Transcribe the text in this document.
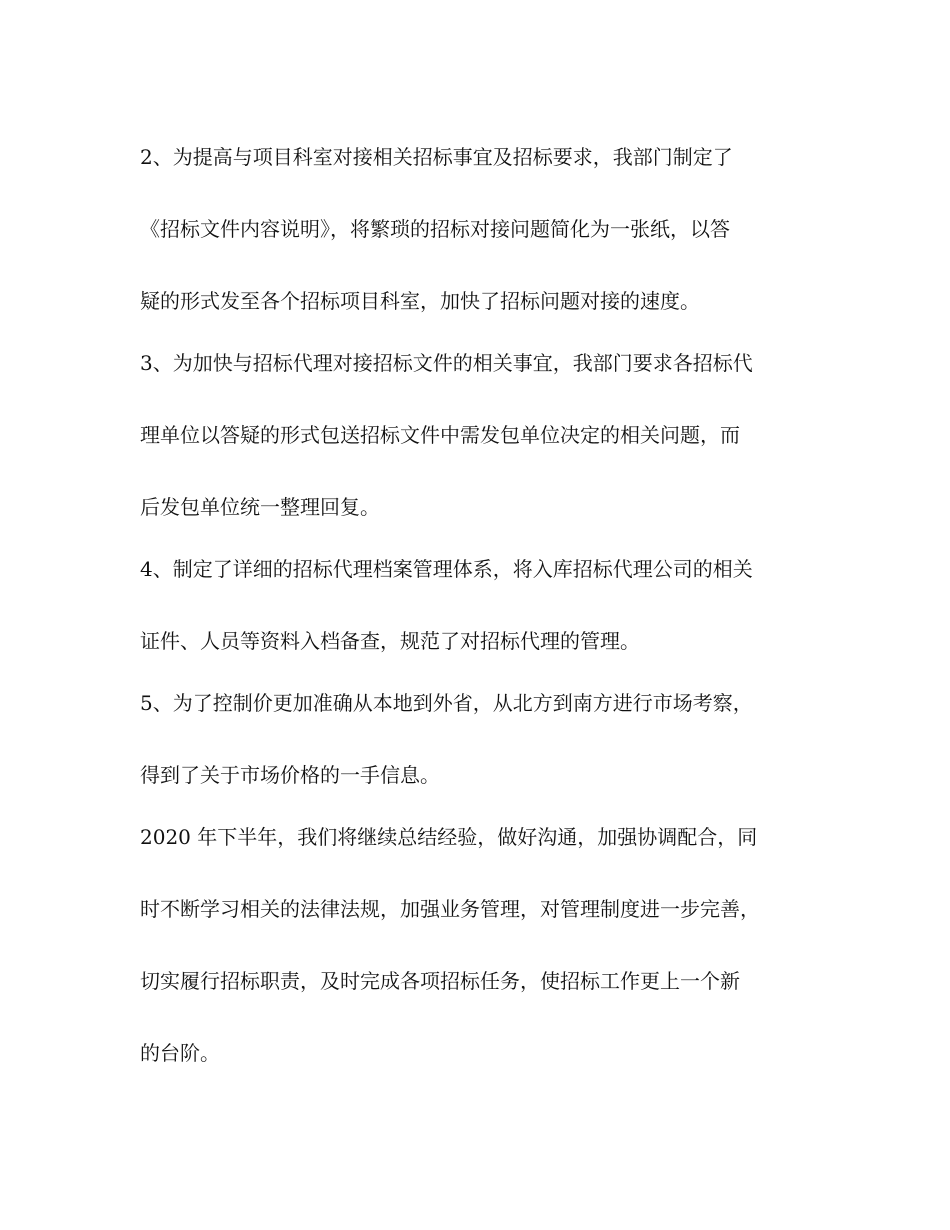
2、为提高与项目科室对接相关招标事宜及招标要求，我部门制定了
《招标文件内容说明》，将繁琐的招标对接问题简化为一张纸，以答
疑的形式发至各个招标项目科室，加快了招标问题对接的速度。
3、为加快与招标代理对接招标文件的相关事宜，我部门要求各招标代
理单位以答疑的形式包送招标文件中需发包单位决定的相关问题，而
后发包单位统一整理回复。
4、制定了详细的招标代理档案管理体系，将入库招标代理公司的相关
证件、人员等资料入档备查，规范了对招标代理的管理。
5、为了控制价更加准确从本地到外省，从北方到南方进行市场考察，
得到了关于市场价格的一手信息。
2020 年下半年，我们将继续总结经验，做好沟通，加强协调配合，同
时不断学习相关的法律法规，加强业务管理，对管理制度进一步完善，
切实履行招标职责，及时完成各项招标任务，使招标工作更上一个新
的台阶。
